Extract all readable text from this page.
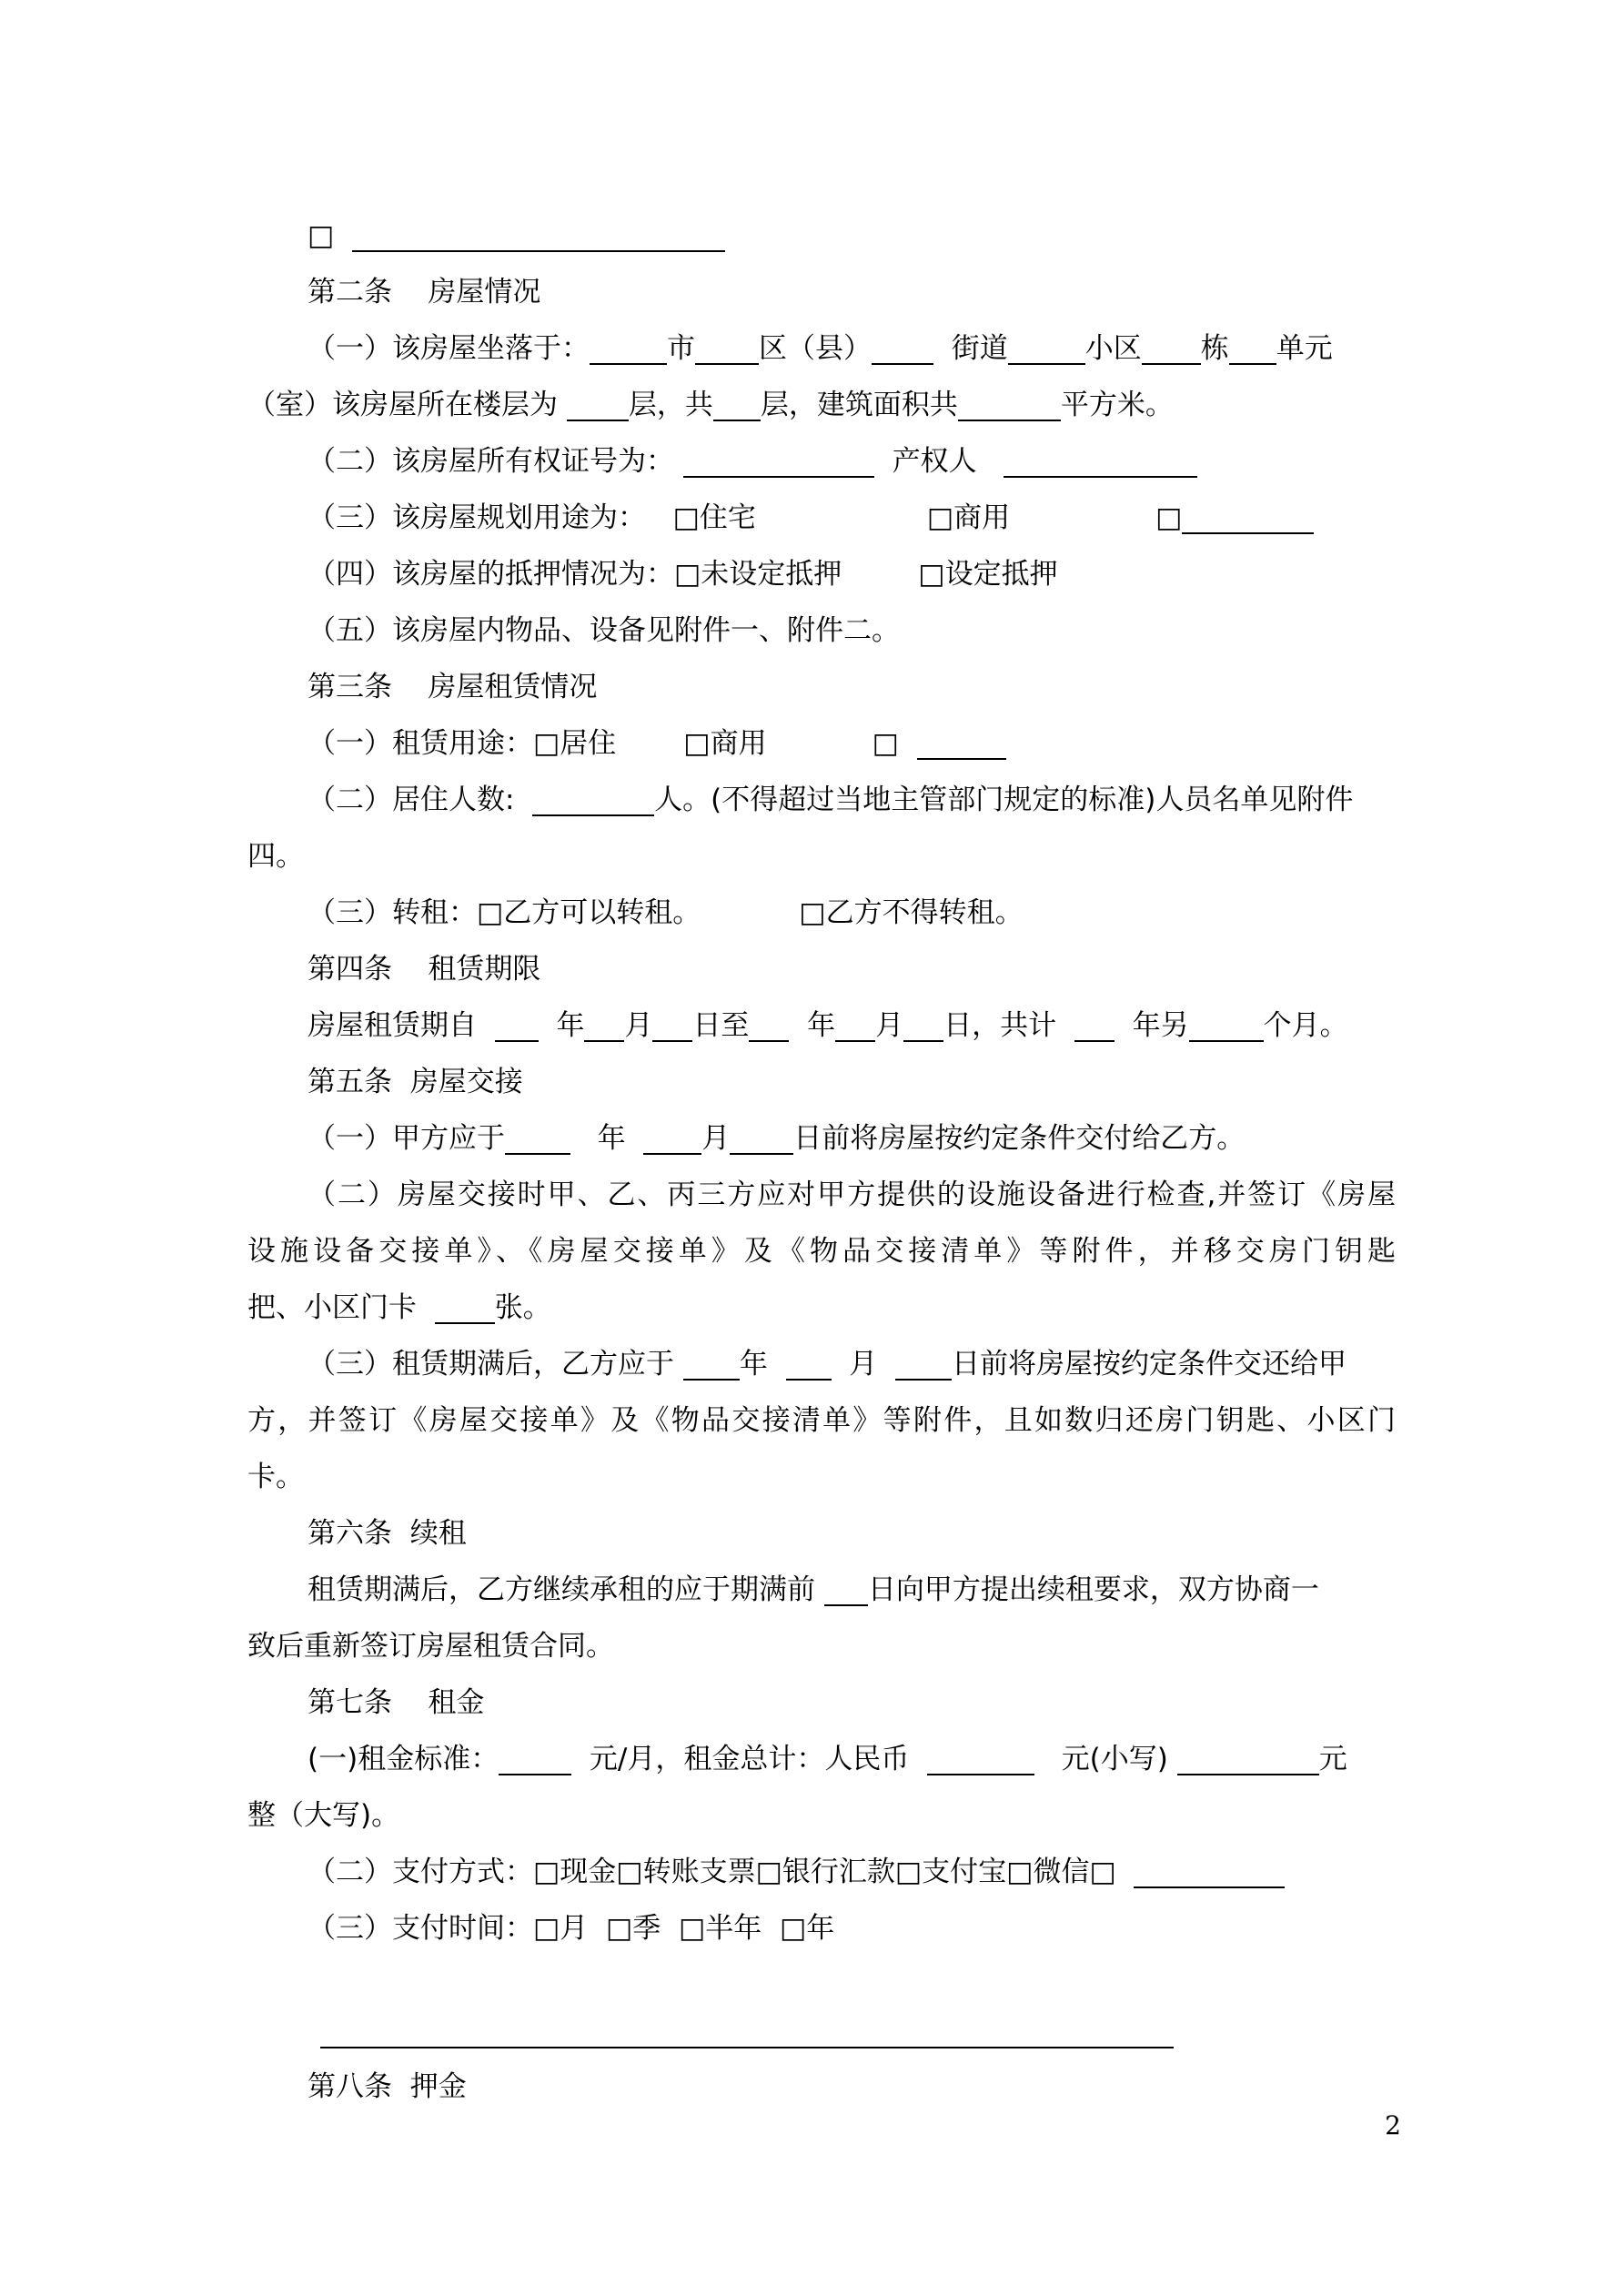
□
第二条    房屋情况
（一）该房屋坐落于：	市 区（县）	街道	小区 栋 单元
（室）该房屋所在楼层为	层，共 层，建筑面积共	平方米。
（二）该房屋所有权证号为：	产权人
（三）该房屋规划用途为： □住宅	□商用	□
（四）该房屋的抵押情况为：□未设定抵押	□设定抵押
（五）该房屋内物品、设备见附件一、附件二。
第三条    房屋租赁情况
（一）租赁用途：□居住 □商用	□
（二）居住人数:	人。(不得超过当地主管部门规定的标准)人员名单见附件
四。
（三）转租：□乙方可以转租。	□乙方不得转租。
第四条    租赁期限
房屋租赁期自	年 月 日至 年 月 日，共计	年另	个月。
第五条  房屋交接
（一）甲方应于	年	月 日前将房屋按约定条件交付给乙方。
（二）房屋交接时甲、乙、丙三方应对甲方提供的设施设备进行检查,并签订《房屋
设施设备交接单》、《房屋交接单》及《物品交接清单》等附件，并移交房门钥匙
把、小区门卡	张。
（三）租赁期满后，乙方应于 年	月	日前将房屋按约定条件交还给甲
方，并签订《房屋交接单》及《物品交接清单》等附件，且如数归还房门钥匙、小区门
卡。
第六条  续租
租赁期满后，乙方继续承租的应于期满前 日向甲方提出续租要求，双方协商一
致后重新签订房屋租赁合同。
第七条    租金
(一)租金标准：	元/月，租金总计：人民币	元(小写)	元
整（大写)。
（二）支付方式：□现金□转账支票□银行汇款□支付宝□微信□
（三）支付时间：□月  □季  □半年  □年
第八条  押金
2
